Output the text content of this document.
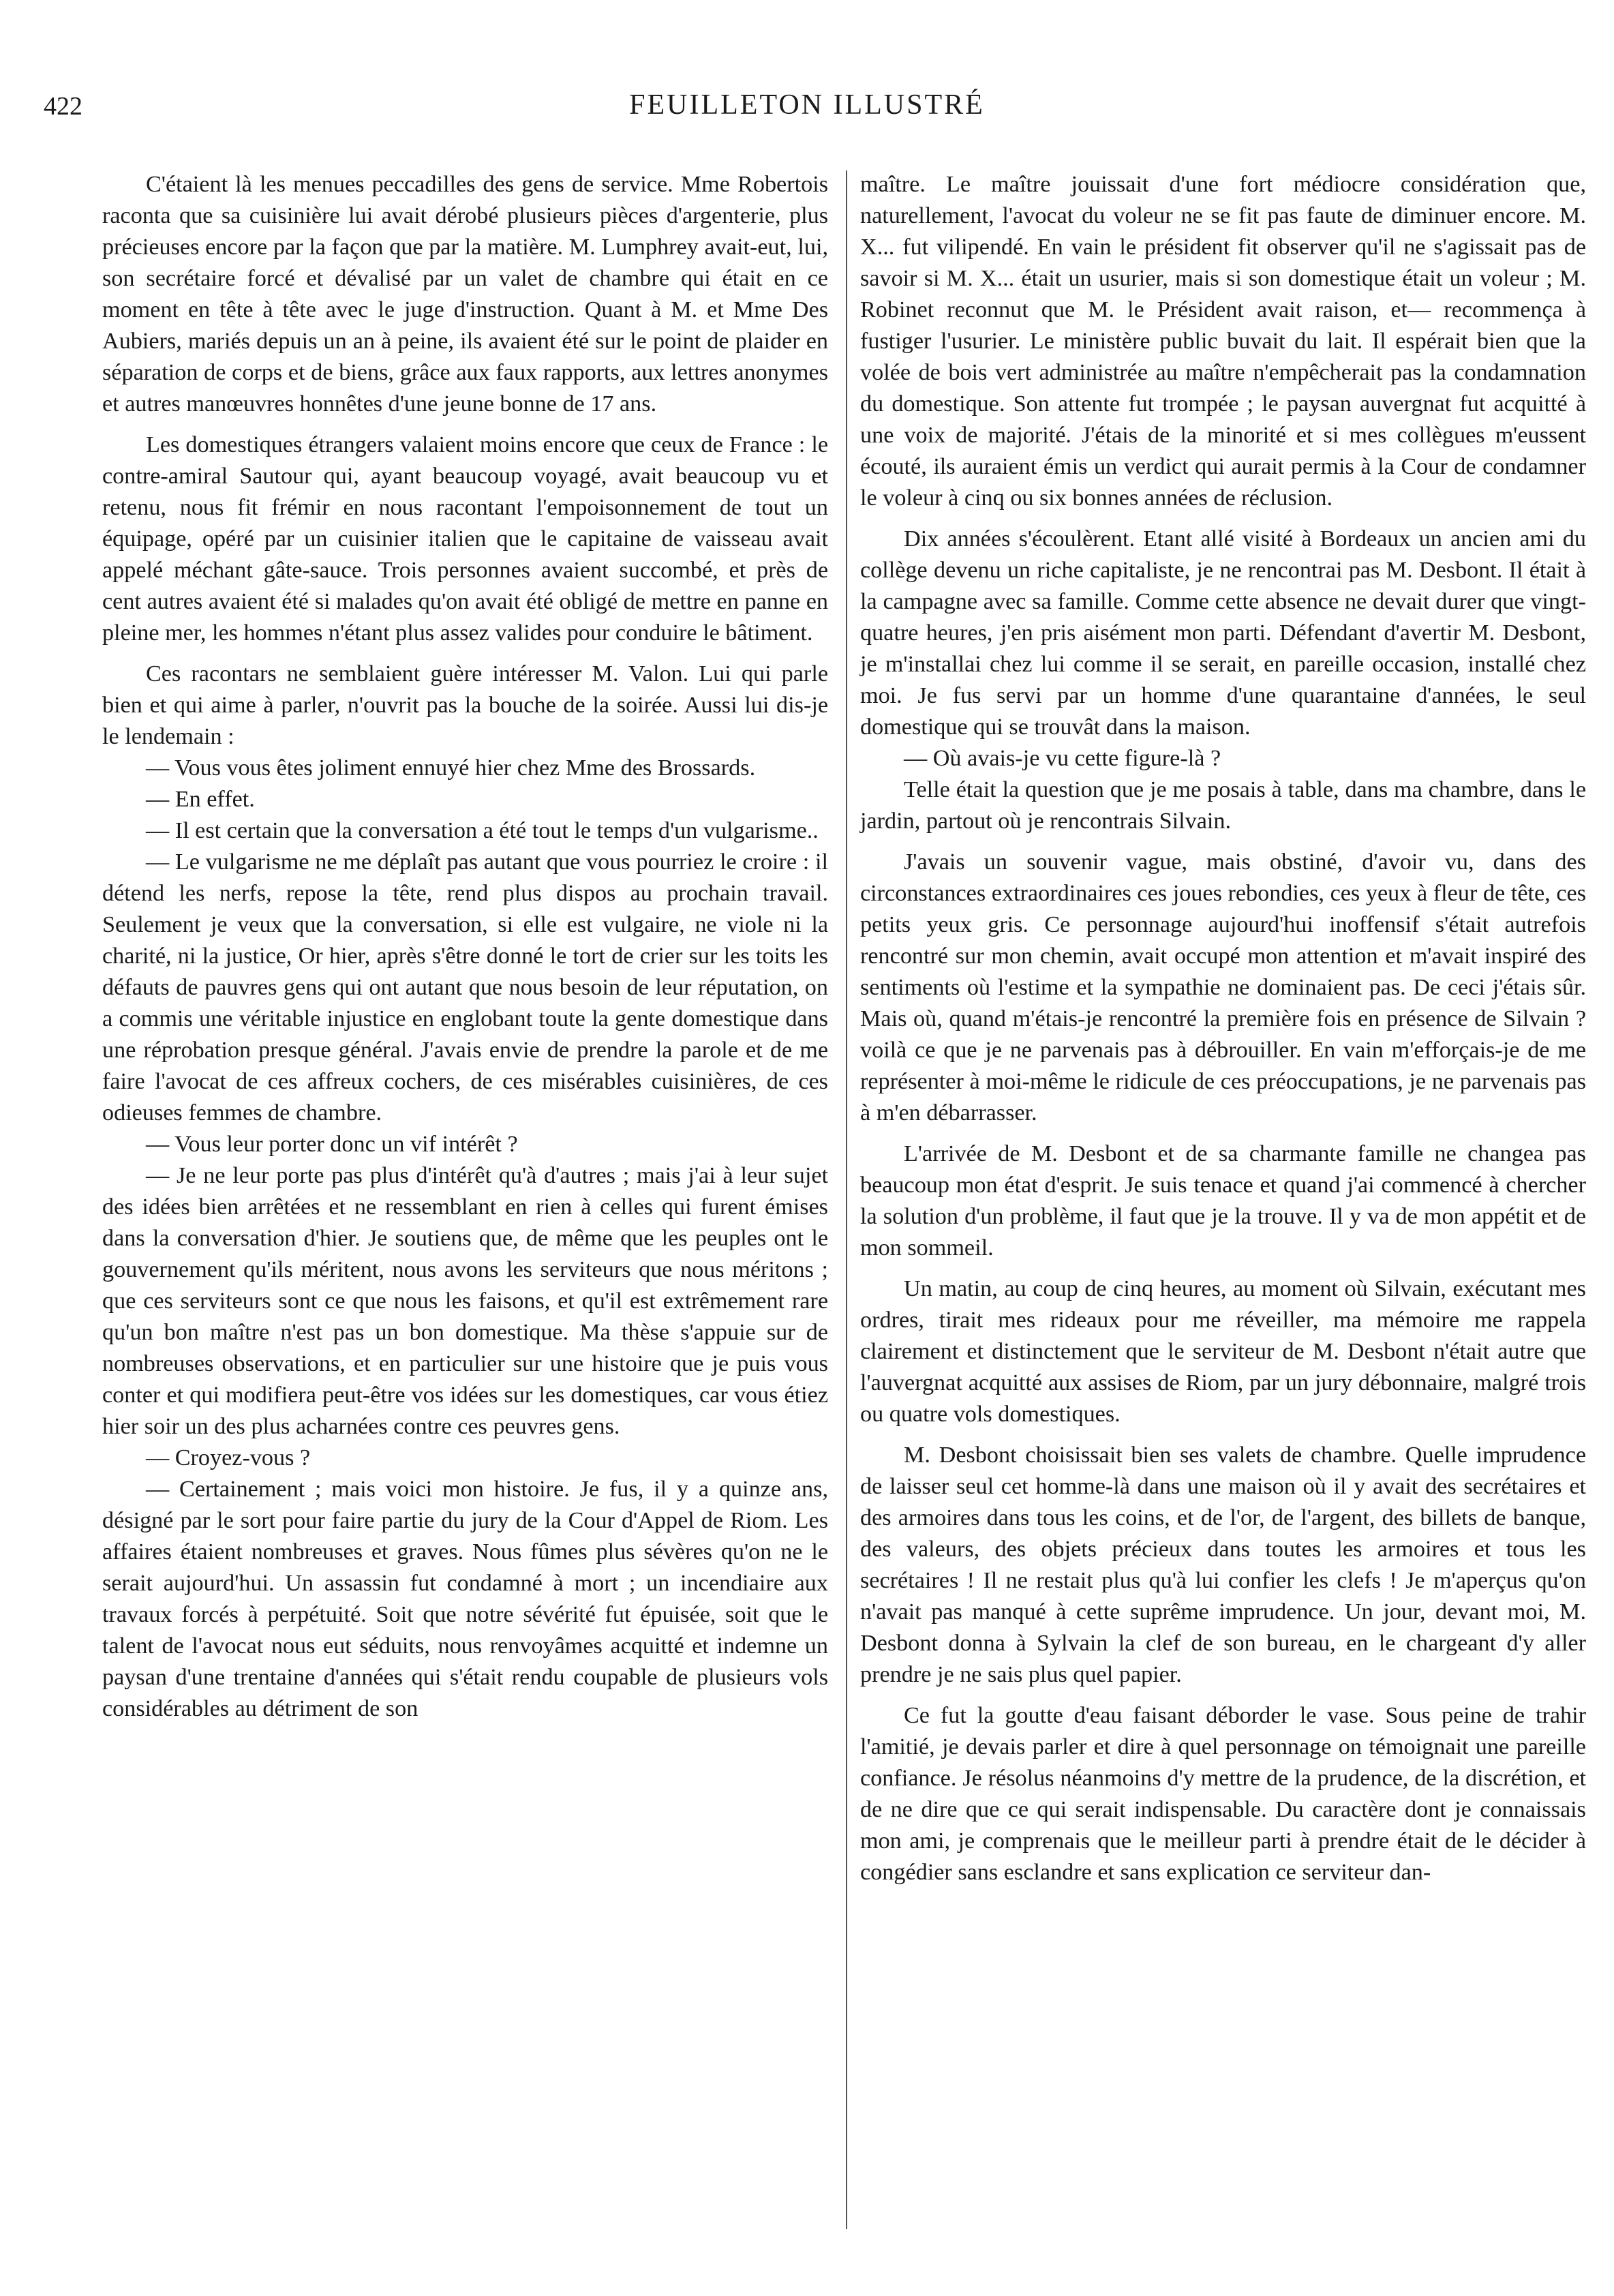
422	FEUILLETON ILLUSTRÉ

C'étaient là les menues peccadilles des gens de service. Mme Robertois raconta que sa cuisinière lui avait dérobé plusieurs pièces d'argenterie, plus précieuses encore par la façon que par la matière. M. Lumphrey avait-eut, lui, son secrétaire forcé et dévalisé par un valet de chambre qui était en ce moment en tête à tête avec le juge d'instruction. Quant à M. et Mme Des Aubiers, mariés depuis un an à peine, ils avaient été sur le point de plaider en séparation de corps et de biens, grâce aux faux rapports, aux lettres anonymes et autres manœuvres honnêtes d'une jeune bonne de 17 ans.

Les domestiques étrangers valaient moins encore que ceux de France : le contre-amiral Sautour qui, ayant beaucoup voyagé, avait beaucoup vu et retenu, nous fit frémir en nous racontant l'empoisonnement de tout un équipage, opéré par un cuisinier italien que le capitaine de vaisseau avait appelé méchant gâte-sauce. Trois personnes avaient succombé, et près de cent autres avaient été si malades qu'on avait été obligé de mettre en panne en pleine mer, les hommes n'étant plus assez valides pour conduire le bâtiment.

Ces racontars ne semblaient guère intéresser M. Valon. Lui qui parle bien et qui aime à parler, n'ouvrit pas la bouche de la soirée. Aussi lui dis-je le lendemain :

— Vous vous êtes joliment ennuyé hier chez Mme des Brossards.

— En effet.

— Il est certain que la conversation a été tout le temps d'un vulgarisme..

— Le vulgarisme ne me déplaît pas autant que vous pourriez le croire : il détend les nerfs, repose la tête, rend plus dispos au prochain travail. Seulement je veux que la conversation, si elle est vulgaire, ne viole ni la charité, ni la justice, Or hier, après s'être donné le tort de crier sur les toits les défauts de pauvres gens qui ont autant que nous besoin de leur réputation, on a commis une véritable injustice en englobant toute la gente domestique dans une réprobation presque général. J'avais envie de prendre la parole et de me faire l'avocat de ces affreux cochers, de ces misérables cuisinières, de ces odieuses femmes de chambre.

— Vous leur porter donc un vif intérêt ?

— Je ne leur porte pas plus d'intérêt qu'à d'autres ; mais j'ai à leur sujet des idées bien arrêtées et ne ressemblant en rien à celles qui furent émises dans la conversation d'hier. Je soutiens que, de même que les peuples ont le gouvernement qu'ils méritent, nous avons les serviteurs que nous méritons ; que ces serviteurs sont ce que nous les faisons, et qu'il est extrêmement rare qu'un bon maître n'est pas un bon domestique. Ma thèse s'appuie sur de nombreuses observations, et en particulier sur une histoire que je puis vous conter et qui modifiera peut-être vos idées sur les domestiques, car vous étiez hier soir un des plus acharnées contre ces peuvres gens.

— Croyez-vous ?

— Certainement ; mais voici mon histoire. Je fus, il y a quinze ans, désigné par le sort pour faire partie du jury de la Cour d'Appel de Riom. Les affaires étaient nombreuses et graves. Nous fûmes plus sévères qu'on ne le serait aujourd'hui. Un assassin fut condamné à mort ; un incendiaire aux travaux forcés à perpétuité. Soit que notre sévérité fut épuisée, soit que le talent de l'avocat nous eut séduits, nous renvoyâmes acquitté et indemne un paysan d'une trentaine d'années qui s'était rendu coupable de plusieurs vols considérables au détriment de son

maître. Le maître jouissait d'une fort médiocre considération que, naturellement, l'avocat du voleur ne se fit pas faute de diminuer encore. M. X... fut vilipendé. En vain le président fit observer qu'il ne s'agissait pas de savoir si M. X... était un usurier, mais si son domestique était un voleur ; M. Robinet reconnut que M. le Président avait raison, et— recommença à fustiger l'usurier. Le ministère public buvait du lait. Il espérait bien que la volée de bois vert administrée au maître n'empêcherait pas la condamnation du domestique. Son attente fut trompée ; le paysan auvergnat fut acquitté à une voix de majorité. J'étais de la minorité et si mes collègues m'eussent écouté, ils auraient émis un verdict qui aurait permis à la Cour de condamner le voleur à cinq ou six bonnes années de réclusion.

Dix années s'écoulèrent. Etant allé visité à Bordeaux un ancien ami du collège devenu un riche capitaliste, je ne rencontrai pas M. Desbont. Il était à la campagne avec sa famille. Comme cette absence ne devait durer que vingt-quatre heures, j'en pris aisément mon parti. Défendant d'avertir M. Desbont, je m'installai chez lui comme il se serait, en pareille occasion, installé chez moi. Je fus servi par un homme d'une quarantaine d'années, le seul domestique qui se trouvât dans la maison.

— Où avais-je vu cette figure-là ?

Telle était la question que je me posais à table, dans ma chambre, dans le jardin, partout où je rencontrais Silvain.

J'avais un souvenir vague, mais obstiné, d'avoir vu, dans des circonstances extraordinaires ces joues rebondies, ces yeux à fleur de tête, ces petits yeux gris. Ce personnage aujourd'hui inoffensif s'était autrefois rencontré sur mon chemin, avait occupé mon attention et m'avait inspiré des sentiments où l'estime et la sympathie ne dominaient pas. De ceci j'étais sûr. Mais où, quand m'étais-je rencontré la première fois en présence de Silvain ? voilà ce que je ne parvenais pas à débrouiller. En vain m'efforçais-je de me représenter à moi-même le ridicule de ces préoccupations, je ne parvenais pas à m'en débarrasser.

L'arrivée de M. Desbont et de sa charmante famille ne changea pas beaucoup mon état d'esprit. Je suis tenace et quand j'ai commencé à chercher la solution d'un problème, il faut que je la trouve. Il y va de mon appétit et de mon sommeil.

Un matin, au coup de cinq heures, au moment où Silvain, exécutant mes ordres, tirait mes rideaux pour me réveiller, ma mémoire me rappela clairement et distinctement que le serviteur de M. Desbont n'était autre que l'auvergnat acquitté aux assises de Riom, par un jury débonnaire, malgré trois ou quatre vols domestiques.

M. Desbont choisissait bien ses valets de chambre. Quelle imprudence de laisser seul cet homme-là dans une maison où il y avait des secrétaires et des armoires dans tous les coins, et de l'or, de l'argent, des billets de banque, des valeurs, des objets précieux dans toutes les armoires et tous les secrétaires ! Il ne restait plus qu'à lui confier les clefs ! Je m'aperçus qu'on n'avait pas manqué à cette suprême imprudence. Un jour, devant moi, M. Desbont donna à Sylvain la clef de son bureau, en le chargeant d'y aller prendre je ne sais plus quel papier.

Ce fut la goutte d'eau faisant déborder le vase. Sous peine de trahir l'amitié, je devais parler et dire à quel personnage on témoignait une pareille confiance. Je résolus néanmoins d'y mettre de la prudence, de la discrétion, et de ne dire que ce qui serait indispensable. Du caractère dont je connaissais mon ami, je comprenais que le meilleur parti à prendre était de le décider à congédier sans esclandre et sans explication ce serviteur dan-
